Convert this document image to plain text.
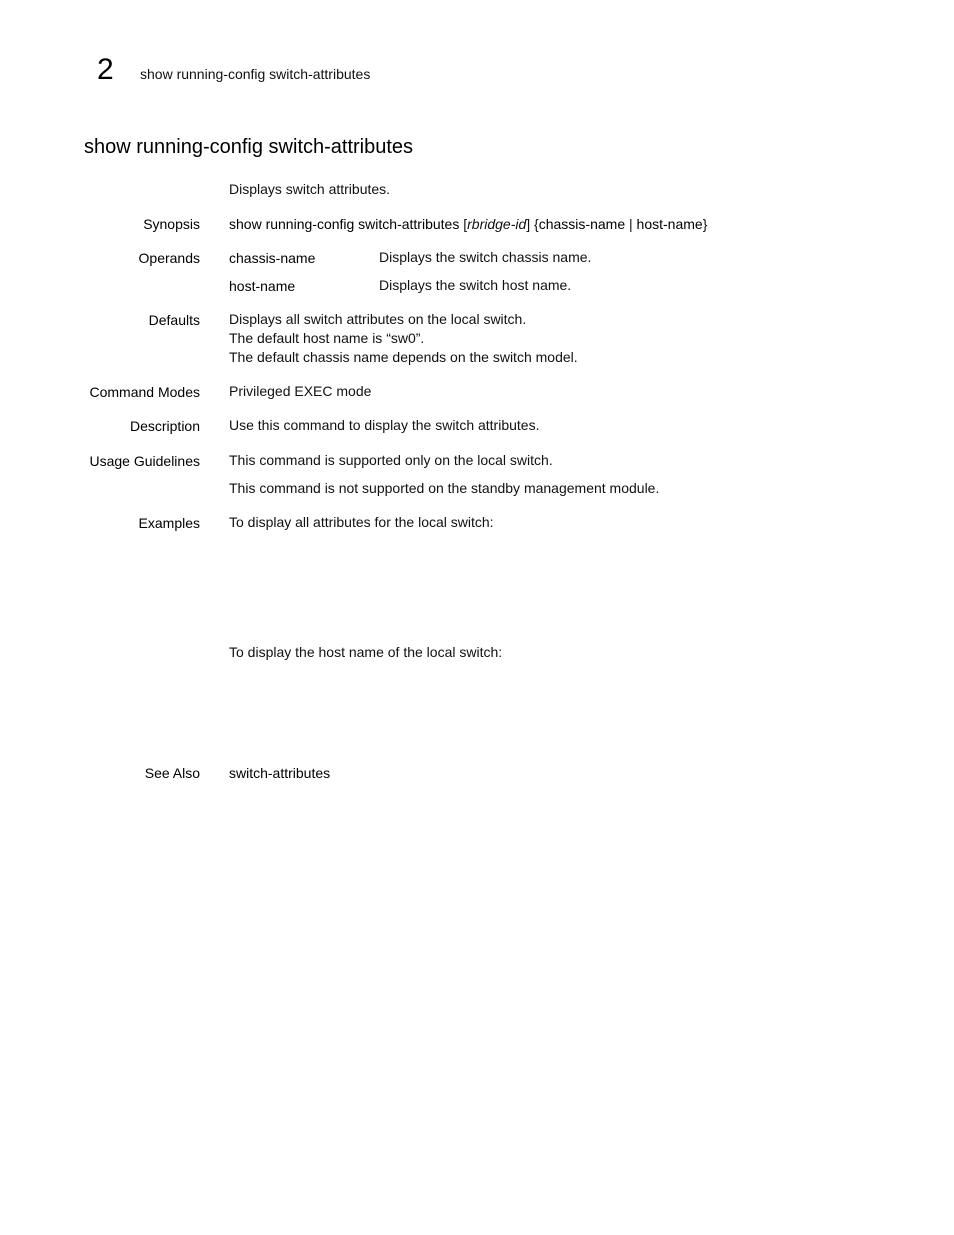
2 show running-config switch-attributes
show running-config switch-attributes
Displays switch attributes.
Synopsis show running-config switch-attributes [rbridge-id] {chassis-name | host-name}
Operands chassis-name	Displays the switch chassis name.
host-name	Displays the switch host name.
Defaults Displays all switch attributes on the local switch.
The default host name is “sw0”.
The default chassis name depends on the switch model.
Command Modes Privileged EXEC mode
Description Use this command to display the switch attributes.
Usage Guidelines This command is supported only on the local switch.
This command is not supported on the standby management module.
Examples To display all attributes for the local switch:
To display the host name of the local switch:
See Also switch-attributes
